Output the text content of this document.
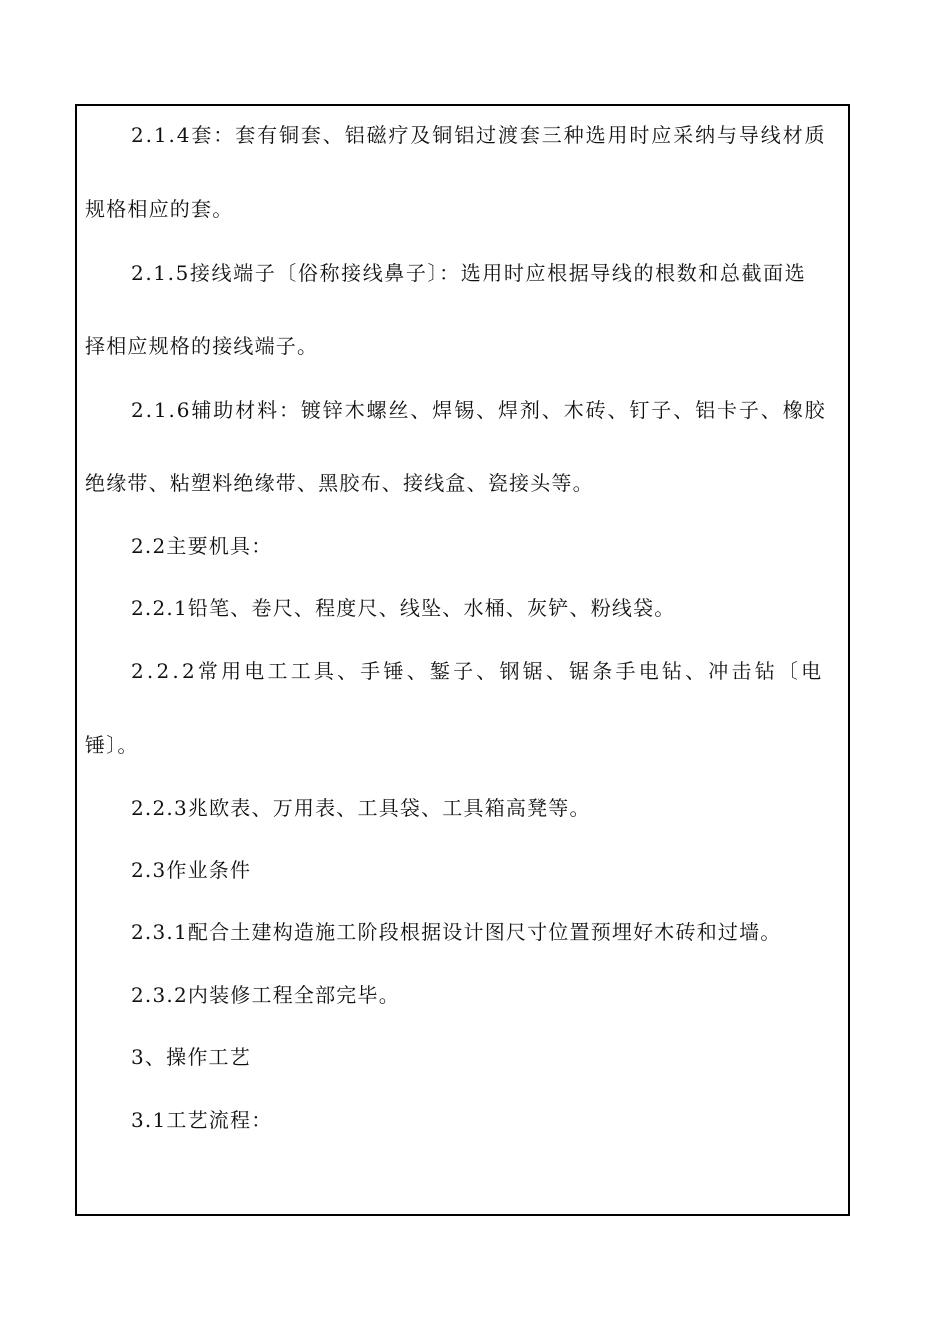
2.1.4套：套有铜套、铝磁疗及铜铝过渡套三种选用时应采纳与导线材质
规格相应的套。
2.1.5接线端子〔俗称接线鼻子〕：选用时应根据导线的根数和总截面选
择相应规格的接线端子。
2.1.6辅助材料：镀锌木螺丝、焊锡、焊剂、木砖、钉子、铝卡子、橡胶
绝缘带、粘塑料绝缘带、黑胶布、接线盒、瓷接头等。
2.2主要机具：
2.2.1铅笔、卷尺、程度尺、线坠、水桶、灰铲、粉线袋。
2.2.2常用电工工具、手锤、錾子、钢锯、锯条手电钻、冲击钻〔电
锤〕。
2.2.3兆欧表、万用表、工具袋、工具箱高凳等。
2.3作业条件
2.3.1配合土建构造施工阶段根据设计图尺寸位置预埋好木砖和过墙。
2.3.2内装修工程全部完毕。
3、操作工艺
3.1工艺流程：
